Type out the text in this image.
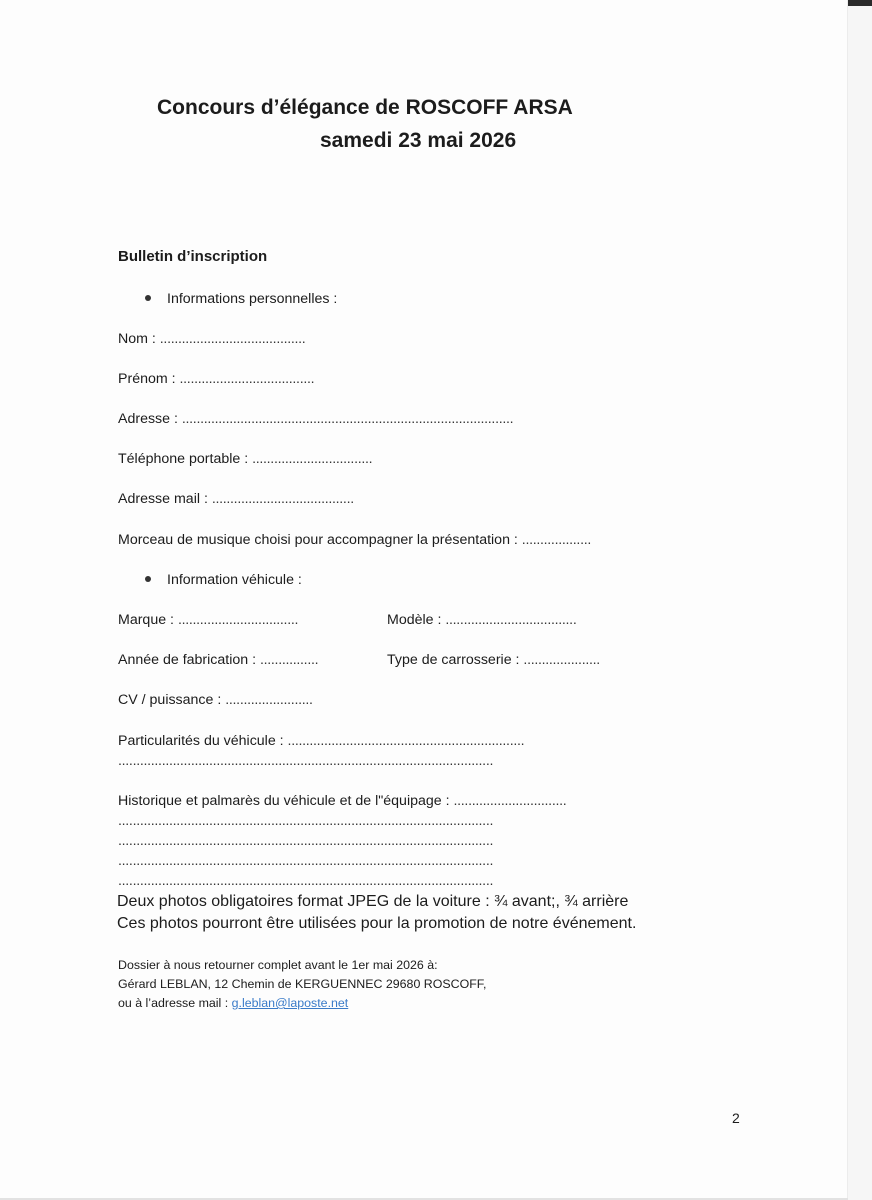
Concours d’élégance de ROSCOFF ARSA
samedi 23 mai 2026
Bulletin d’inscription
Informations personnelles :
Nom : ........................................
Prénom : .....................................
Adresse : ...........................................................................................
Téléphone portable : .................................
Adresse mail : .......................................
Morceau de musique choisi pour accompagner la présentation : ...................
Information véhicule :
Marque : .................................	Modèle : ....................................
Année de fabrication : ................	Type de carrosserie : .....................
CV / puissance : ........................
Particularités du véhicule : .................................................................
.......................................................................................................
Historique et palmarès du véhicule et de l"équipage : ...............................
.......................................................................................................
.......................................................................................................
.......................................................................................................
.......................................................................................................
Deux photos obligatoires format JPEG de la voiture : ¾ avant;, ¾ arrière
Ces photos pourront être utilisées pour la promotion de notre événement.
Dossier à nous retourner complet avant le 1er mai 2026 à:
Gérard LEBLAN, 12 Chemin de KERGUENNEC 29680 ROSCOFF,
ou à l’adresse mail : g.leblan@laposte.net
2
